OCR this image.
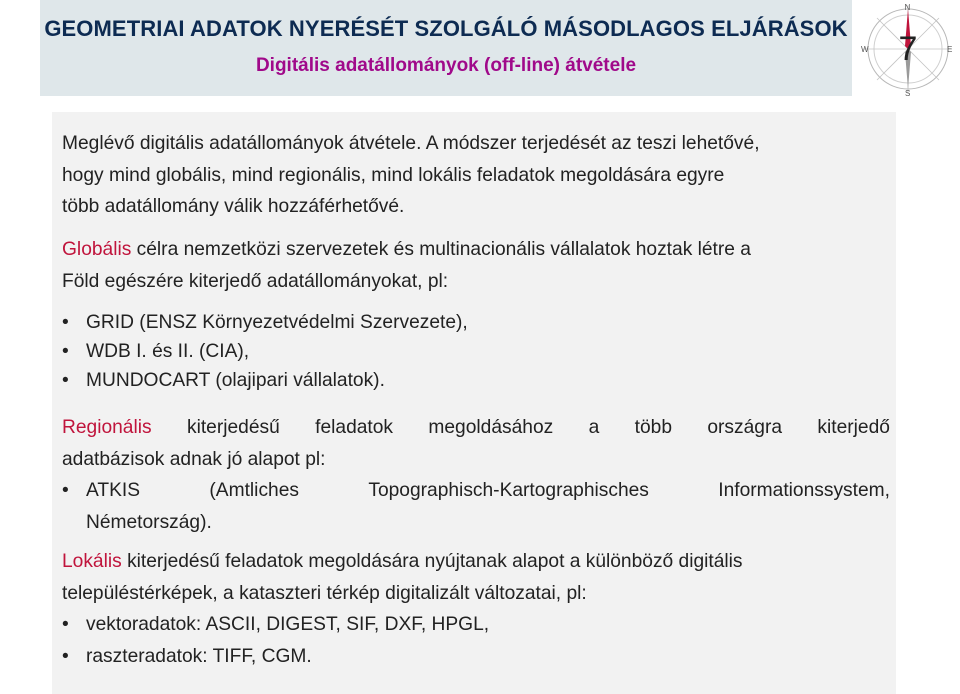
GEOMETRIAI ADATOK NYERÉSÉT SZOLGÁLÓ MÁSODLAGOS ELJÁRÁSOK
Digitális adatállományok (off-line) átvétele
N
S
E
W 7
Meglévő digitális adatállományok átvétele. A módszer terjedését az teszi lehetővé,
hogy mind globális, mind regionális, mind lokális feladatok megoldására egyre
több adatállomány válik hozzáférhetővé.
Globális célra nemzetközi szervezetek és multinacionális vállalatok hoztak létre a
Föld egészére kiterjedő adatállományokat, pl:
• GRID (ENSZ Környezetvédelmi Szervezete),
• WDB I. és II. (CIA),
• MUNDOCART (olajipari vállalatok).
Regionális kiterjedésű feladatok megoldásához a több országra kiterjedő
adatbázisok adnak jó alapot pl:
• ATKIS	(Amtliches	Topographisch-Kartographisches	Informationssystem,
Németország).
Lokális kiterjedésű feladatok megoldására nyújtanak alapot a különböző digitális
településtérképek, a kataszteri térkép digitalizált változatai, pl:
• vektoradatok: ASCII, DIGEST, SIF, DXF, HPGL,
• raszteradatok: TIFF, CGM.
